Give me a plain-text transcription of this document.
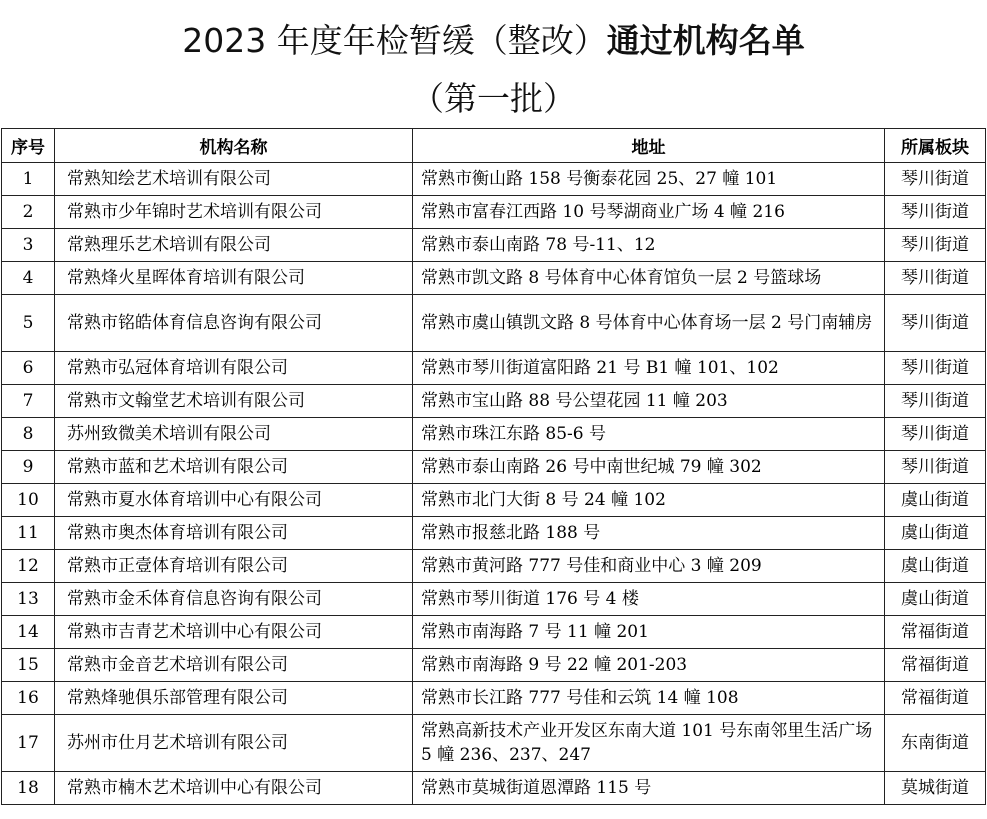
2023 年度年检暂缓（整改）通过机构名单
（第一批）
序号	机构名称	地址	所属板块
1	常熟知绘艺术培训有限公司	常熟市衡山路 158 号衡泰花园 25、27 幢 101	琴川街道
2	常熟市少年锦时艺术培训有限公司	常熟市富春江西路 10 号琴湖商业广场 4 幢 216	琴川街道
3	常熟理乐艺术培训有限公司	常熟市泰山南路 78 号-11、12	琴川街道
4	常熟烽火星晖体育培训有限公司	常熟市凯文路 8 号体育中心体育馆负一层 2 号篮球场	琴川街道
5	常熟市铭皓体育信息咨询有限公司	常熟市虞山镇凯文路 8 号体育中心体育场一层 2 号门南辅房	琴川街道
6	常熟市弘冠体育培训有限公司	常熟市琴川街道富阳路 21 号 B1 幢 101、102	琴川街道
7	常熟市文翰堂艺术培训有限公司	常熟市宝山路 88 号公望花园 11 幢 203	琴川街道
8	苏州致微美术培训有限公司	常熟市珠江东路 85-6 号	琴川街道
9	常熟市蓝和艺术培训有限公司	常熟市泰山南路 26 号中南世纪城 79 幢 302	琴川街道
10	常熟市夏水体育培训中心有限公司	常熟市北门大街 8 号 24 幢 102	虞山街道
11	常熟市奥杰体育培训有限公司	常熟市报慈北路 188 号	虞山街道
12	常熟市正壹体育培训有限公司	常熟市黄河路 777 号佳和商业中心 3 幢 209	虞山街道
13	常熟市金禾体育信息咨询有限公司	常熟市琴川街道 176 号 4 楼	虞山街道
14	常熟市吉青艺术培训中心有限公司	常熟市南海路 7 号 11 幢 201	常福街道
15	常熟市金音艺术培训有限公司	常熟市南海路 9 号 22 幢 201-203	常福街道
16	常熟烽驰俱乐部管理有限公司	常熟市长江路 777 号佳和云筑 14 幢 108	常福街道
17	苏州市仕月艺术培训有限公司	常熟高新技术产业开发区东南大道 101 号东南邻里生活广场 5 幢 236、237、247	东南街道
18	常熟市楠木艺术培训中心有限公司	常熟市莫城街道恩潭路 115 号	莫城街道
